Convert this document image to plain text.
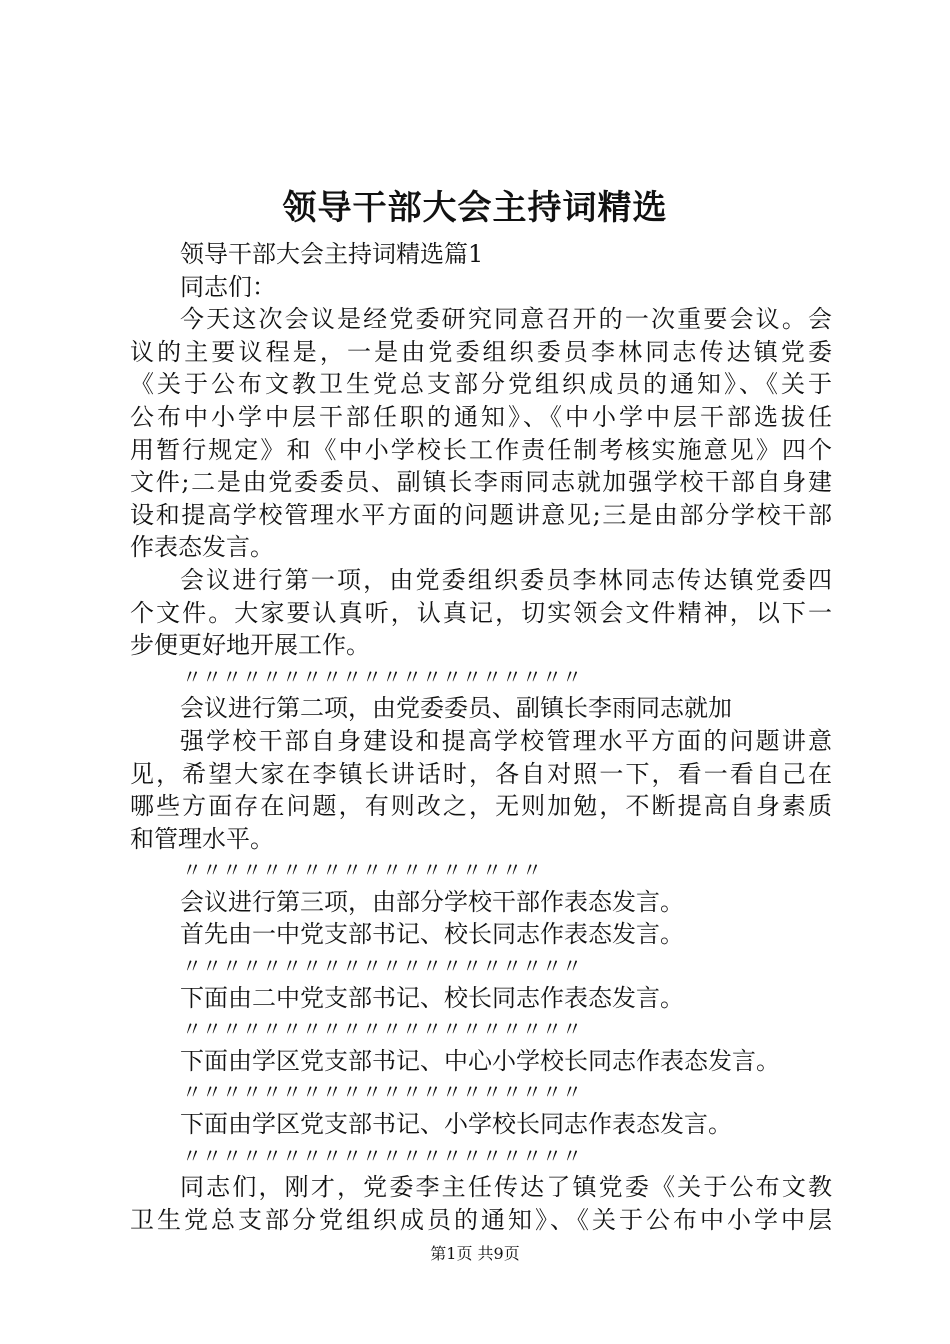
领导干部大会主持词精选
领导干部大会主持词精选篇1
同志们：
今天这次会议是经党委研究同意召开的一次重要会议。会
议的主要议程是，一是由党委组织委员李林同志传达镇党委
《关于公布文教卫生党总支部分党组织成员的通知》、《关于
公布中小学中层干部任职的通知》、《中小学中层干部选拔任
用暂行规定》和《中小学校长工作责任制考核实施意见》四个
文件;二是由党委委员、副镇长李雨同志就加强学校干部自身建
设和提高学校管理水平方面的问题讲意见;三是由部分学校干部
作表态发言。
会议进行第一项，由党委组织委员李林同志传达镇党委四
个文件。大家要认真听，认真记，切实领会文件精神，以下一
步便更好地开展工作。
〃〃〃〃〃〃〃〃〃〃〃〃〃〃〃〃〃〃〃〃
会议进行第二项，由党委委员、副镇长李雨同志就加
强学校干部自身建设和提高学校管理水平方面的问题讲意
见，希望大家在李镇长讲话时，各自对照一下，看一看自己在
哪些方面存在问题，有则改之，无则加勉，不断提高自身素质
和管理水平。
〃〃〃〃〃〃〃〃〃〃〃〃〃〃〃〃〃〃
会议进行第三项，由部分学校干部作表态发言。
首先由一中党支部书记、校长同志作表态发言。
〃〃〃〃〃〃〃〃〃〃〃〃〃〃〃〃〃〃〃〃
下面由二中党支部书记、校长同志作表态发言。
〃〃〃〃〃〃〃〃〃〃〃〃〃〃〃〃〃〃〃〃
下面由学区党支部书记、中心小学校长同志作表态发言。
〃〃〃〃〃〃〃〃〃〃〃〃〃〃〃〃〃〃〃〃
下面由学区党支部书记、小学校长同志作表态发言。
〃〃〃〃〃〃〃〃〃〃〃〃〃〃〃〃〃〃〃〃
同志们，刚才，党委李主任传达了镇党委《关于公布文教
卫生党总支部分党组织成员的通知》、《关于公布中小学中层
第1页 共9页
